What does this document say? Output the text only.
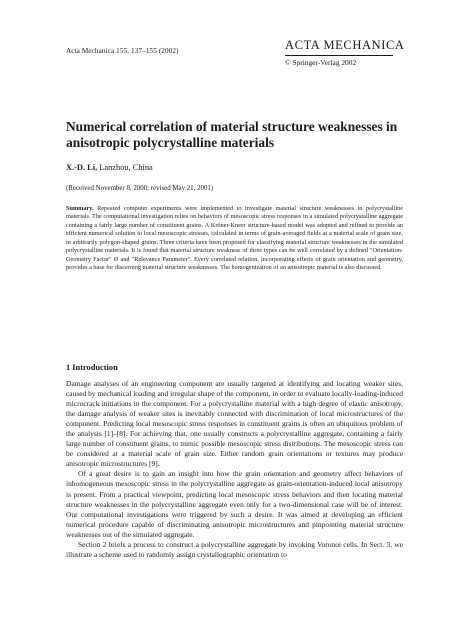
Acta Mechanica 155, 137–155 (2002)	ACTA MECHANICA
© Springer-Verlag 2002
Numerical correlation of material structure weaknesses in anisotropic polycrystalline materials
X.-D. Li, Lanzhou, China
(Received November 8, 2000; revised May 21, 2001)

Summary. Repeated computer experiments were implemented to investigate material structure weaknesses in polycrystalline materials. The computational investigation relies on behaviors of mesoscopic stress responses in a simulated polycrystalline aggregate containing a fairly large number of constituent grains. A Kröner-Kneer structure-based model was adopted and refined to provide an efficient numerical solution to local mesoscopic stresses, calculated in terms of grain-averaged fields at a material scale of grain size, in arbitrarily polygon-shaped grains. Three criteria have been proposed for classifying material structure weaknesses in the simulated polycrystalline materials. It is found that material structure weakness of three types can be well correlated by a defined "Orientation-Geometry Factor" Ø and "Relevance Parameter". Every correlated relation, incorporating effects of grain orientation and geometry, provides a base for discerning material structure weaknesses. The homogenization of an anisotropic material is also discussed.

1 Introduction

Damage analyses of an engineering component are usually targeted at identifying and locating weaker sites, caused by mechanical loading and irregular shape of the component, in order to evaluate locally-loading-induced microcrack initiations in the component. For a polycrystalline material with a high degree of elastic anisotropy, the damage analysis of weaker sites is inevitably connected with discrimination of local microstructures of the component. Predicting local mesoscopic stress responses in constituent grains is often an ubiquitous problem of the analysis [1]–[8]. For achieving that, one usually constructs a polycrystalline aggregate, containing a fairly large number of constituent grains, to mimic possible mesoscopic stress distributions. The mesoscopic stress can be considered at a material scale of grain size. Either random grain orientations or textures may produce anisotropic microstructures [9].

Of a great desire is to gain an insight into how the grain orientation and geometry affect behaviors of inhomogeneous mesoscopic stress in the polycrystalline aggregate as grain-orientation-induced local anisotropy is present. From a practical viewpoint, predicting local mesoscopic stress behaviors and then locating material structure weaknesses in the polycrystalline aggregate even only for a two-dimensional case will be of interest. Our computational investigations were triggered by such a desire. It was aimed at developing an efficient numerical procedure capable of discriminating anisotropic microstructures and pinpointing material structure weaknesses out of the simulated aggregate.

Section 2 briefs a process to construct a polycrystalline aggregate by invoking Voronoi cells. In Sect. 3, we illustrate a scheme used to randomly assign crystallographic orientation to
